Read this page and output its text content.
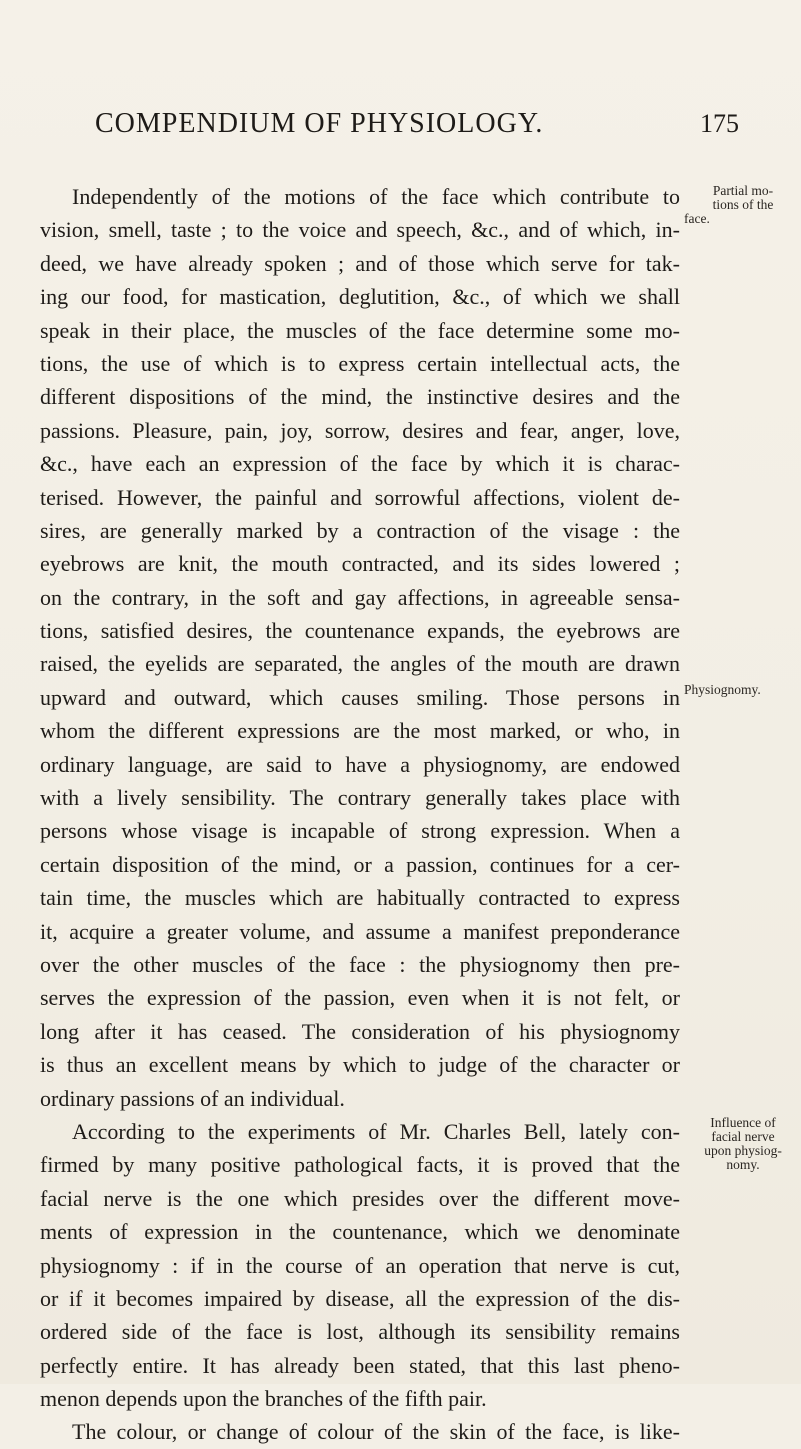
COMPENDIUM OF PHYSIOLOGY.	175
Independently of the motions of the face which contribute to
vision, smell, taste ; to the voice and speech, &c., and of which, in-
deed, we have already spoken ; and of those which serve for tak-
ing our food, for mastication, deglutition, &c., of which we shall
speak in their place, the muscles of the face determine some mo-
tions, the use of which is to express certain intellectual acts, the
different dispositions of the mind, the instinctive desires and the
passions. Pleasure, pain, joy, sorrow, desires and fear, anger, love,
&c., have each an expression of the face by which it is charac-
terised. However, the painful and sorrowful affections, violent de-
sires, are generally marked by a contraction of the visage : the
eyebrows are knit, the mouth contracted, and its sides lowered ;
on the contrary, in the soft and gay affections, in agreeable sensa-
tions, satisfied desires, the countenance expands, the eyebrows are
raised, the eyelids are separated, the angles of the mouth are drawn
upward and outward, which causes smiling. Those persons in
whom the different expressions are the most marked, or who, in
ordinary language, are said to have a physiognomy, are endowed
with a lively sensibility. The contrary generally takes place with
persons whose visage is incapable of strong expression. When a
certain disposition of the mind, or a passion, continues for a cer-
tain time, the muscles which are habitually contracted to express
it, acquire a greater volume, and assume a manifest preponderance
over the other muscles of the face : the physiognomy then pre-
serves the expression of the passion, even when it is not felt, or
long after it has ceased. The consideration of his physiognomy
is thus an excellent means by which to judge of the character or
ordinary passions of an individual.
According to the experiments of Mr. Charles Bell, lately con-
firmed by many positive pathological facts, it is proved that the
facial nerve is the one which presides over the different move-
ments of expression in the countenance, which we denominate
physiognomy : if in the course of an operation that nerve is cut,
or if it becomes impaired by disease, all the expression of the dis-
ordered side of the face is lost, although its sensibility remains
perfectly entire. It has already been stated, that this last pheno-
menon depends upon the branches of the fifth pair.
The colour, or change of colour of the skin of the face, is like-
Partial mo-
tions of the
face.
Physiognomy.
Influence of
facial nerve
upon physiog-
nomy.
